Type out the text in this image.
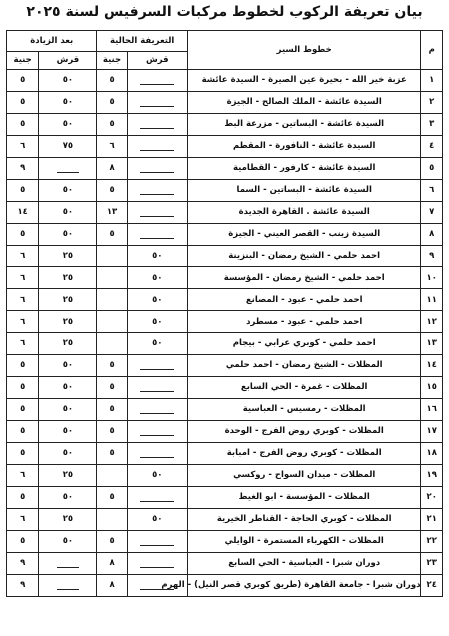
بيان تعريفة الركوب لخطوط مركبات السرفيس لسنة ٢٠٢٥
م	خطوط السير	التعريفة الحالية		بعد الزيادة	
		قرش	جنية	قرش	جنية
١	عزبة خير الله - بحيرة عين الصيرة - السيدة عائشة		٥	٥٠	٥
٢	السيدة عائشة - الملك الصالح - الجيزة		٥	٥٠	٥
٣	السيدة عائشة - البساتين - مزرعة البط		٥	٥٠	٥
٤	السيدة عائشة - النافورة - المقطم		٦	٧٥	٦
٥	السيدة عائشة - كارفور - القطامية		٨		٩
٦	السيدة عائشة - البساتين - السما		٥	٥٠	٥
٧	السيدة عائشة . القاهرة الجديدة		١٣	٥٠	١٤
٨	السيدة زينب - القصر العيني - الجيزة		٥	٥٠	٥
٩	احمد حلمي - الشيخ رمضان - البنزينة	٥٠		٢٥	٦
١٠	احمد حلمي - الشيخ رمضان - المؤسسة	٥٠		٢٥	٦
١١	احمد حلمي - عبود - المصانع	٥٠		٢٥	٦
١٢	احمد حلمي - عبود - مسطرد	٥٠		٢٥	٦
١٣	احمد حلمي - كوبري عرابي - بيجام	٥٠		٢٥	٦
١٤	المظلات - الشيخ رمضان - احمد حلمي		٥	٥٠	٥
١٥	المظلات - غمرة - الحي السابع		٥	٥٠	٥
١٦	المظلات - رمسيس - العباسية		٥	٥٠	٥
١٧	المظلات - كوبري روض الفرج - الوحدة		٥	٥٠	٥
١٨	المظلات - كوبري روض الفرج - امبابة		٥	٥٠	٥
١٩	المظلات - ميدان السواح - روكسي	٥٠		٢٥	٦
٢٠	المظلات - المؤسسة - ابو الغيط		٥	٥٠	٥
٢١	المظلات - كوبري الحاجة - القناطر الخيرية	٥٠		٢٥	٦
٢٢	المظلات - الكهرباء المستمرة - الوايلي		٥	٥٠	٥
٢٣	دوران شبرا - العباسية - الحي السابع		٨		٩
٢٤	دوران شبرا - جامعة القاهرة (طريق كوبري قصر النيل) - الهرم		٨		٩
